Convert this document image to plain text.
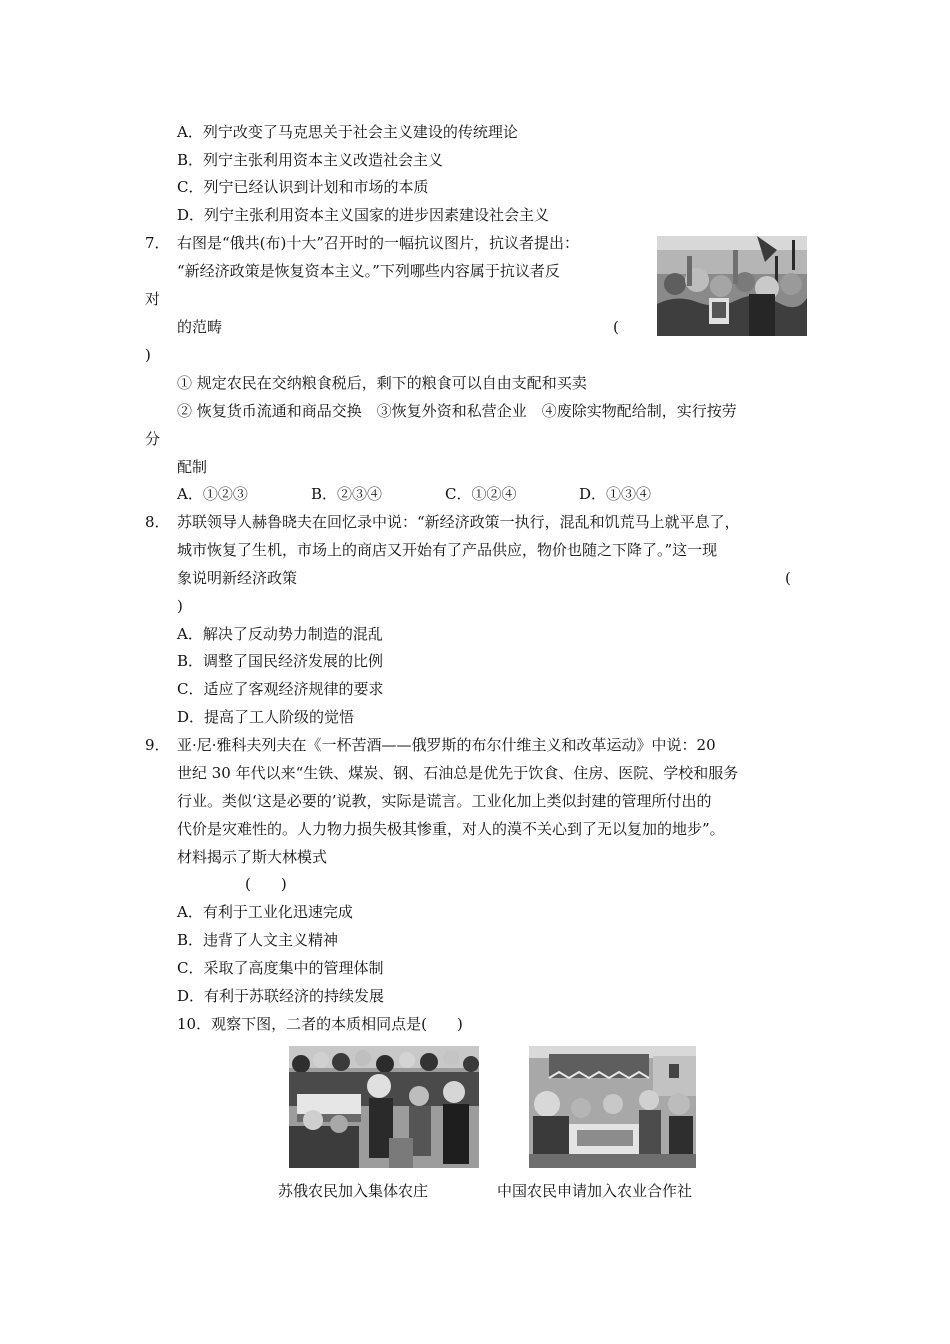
A．列宁改变了马克思关于社会主义建设的传统理论
B．列宁主张利用资本主义改造社会主义
C．列宁已经认识到计划和市场的本质
D．列宁主张利用资本主义国家的进步因素建设社会主义
7． 右图是“俄共(布)十大”召开时的一幅抗议图片，抗议者提出：
“新经济政策是恢复资本主义。”下列哪些内容属于抗议者反
对
的范畴	(
)
① 规定农民在交纳粮食税后，剩下的粮食可以自由支配和买卖
② 恢复货币流通和商品交换　③恢复外资和私营企业　④废除实物配给制，实行按劳
分
配制
A．①②③	B．②③④	C．①②④	D．①③④
8． 苏联领导人赫鲁晓夫在回忆录中说：“新经济政策一执行，混乱和饥荒马上就平息了，
城市恢复了生机，市场上的商店又开始有了产品供应，物价也随之下降了。”这一现
象说明新经济政策	(
)
A．解决了反动势力制造的混乱
B．调整了国民经济发展的比例
C．适应了客观经济规律的要求
D．提高了工人阶级的觉悟
9． 亚·尼·雅科夫列夫在《一杯苦酒——俄罗斯的布尔什维主义和改革运动》中说：20
世纪 30 年代以来“生铁、煤炭、钢、石油总是优先于饮食、住房、医院、学校和服务
行业。类似‘这是必要的’说教，实际是谎言。工业化加上类似封建的管理所付出的
代价是灾难性的。人力物力损失极其惨重，对人的漠不关心到了无以复加的地步”。
材料揭示了斯大林模式
(　　)
A．有利于工业化迅速完成
B．违背了人文主义精神
C．采取了高度集中的管理体制
D．有利于苏联经济的持续发展
10．观察下图，二者的本质相同点是(　　)
苏俄农民加入集体农庄	中国农民申请加入农业合作社
